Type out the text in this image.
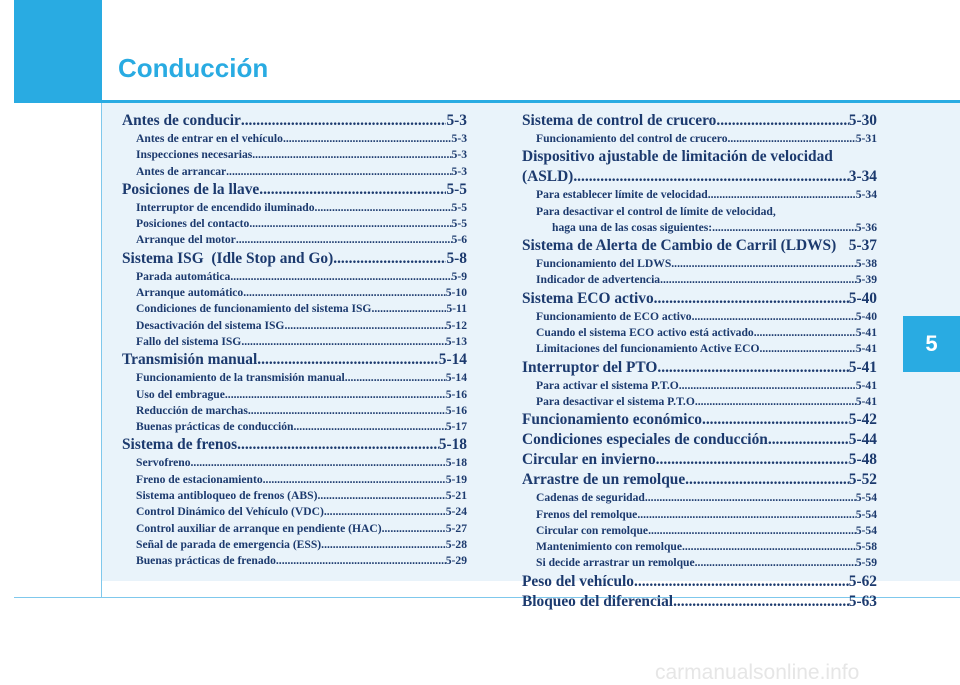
Conducción
5
Antes de conducir .....	5-3
Antes de entrar en el vehículo .....	5-3
Inspecciones necesarias .....	5-3
Antes de arrancar .....	5-3
Posiciones de la llave .....	5-5
Interruptor de encendido iluminado .....	5-5
Posiciones del contacto .....	5-5
Arranque del motor .....	5-6
Sistema ISG  (Idle Stop and Go) .....	5-8
Parada automática .....	5-9
Arranque automático .....	5-10
Condiciones de funcionamiento del sistema ISG .....	5-11
Desactivación del sistema ISG .....	5-12
Fallo del sistema ISG .....	5-13
Transmisión manual .....	5-14
Funcionamiento de la transmisión manual .....	5-14
Uso del embrague .....	5-16
Reducción de marchas .....	5-16
Buenas prácticas de conducción .....	5-17
Sistema de frenos .....	5-18
Servofreno .....	5-18
Freno de estacionamiento .....	5-19
Sistema antibloqueo de frenos (ABS) .....	5-21
Control Dinámico del Vehículo (VDC) .....	5-24
Control auxiliar de arranque en pendiente (HAC) .....	5-27
Señal de parada de emergencia (ESS) .....	5-28
Buenas prácticas de frenado .....	5-29
Sistema de control de crucero .....	5-30
Funcionamiento del control de crucero .....	5-31
Dispositivo ajustable de limitación de velocidad
(ASLD) .....	3-34
Para establecer límite de velocidad .....	5-34
Para desactivar el control de límite de velocidad,
haga una de las cosas siguientes: .....	5-36
Sistema de Alerta de Cambio de Carril (LDWS) 5-37
Funcionamiento del LDWS .....	5-38
Indicador de advertencia .....	5-39
Sistema ECO activo .....	5-40
Funcionamiento de ECO activo .....	5-40
Cuando el sistema ECO activo está activado .....	5-41
Limitaciones del funcionamiento Active ECO .....	5-41
Interruptor del PTO .....	5-41
Para activar el sistema P.T.O .....	5-41
Para desactivar el sistema P.T.O .....	5-41
Funcionamiento económico .....	5-42
Condiciones especiales de conducción .....	5-44
Circular en invierno .....	5-48
Arrastre de un remolque .....	5-52
Cadenas de seguridad .....	5-54
Frenos del remolque .....	5-54
Circular con remolque .....	5-54
Mantenimiento con remolque .....	5-58
Si decide arrastrar un remolque .....	5-59
Peso del vehículo .....	5-62
Bloqueo del diferencial .....	5-63
carmanualsonline.info
